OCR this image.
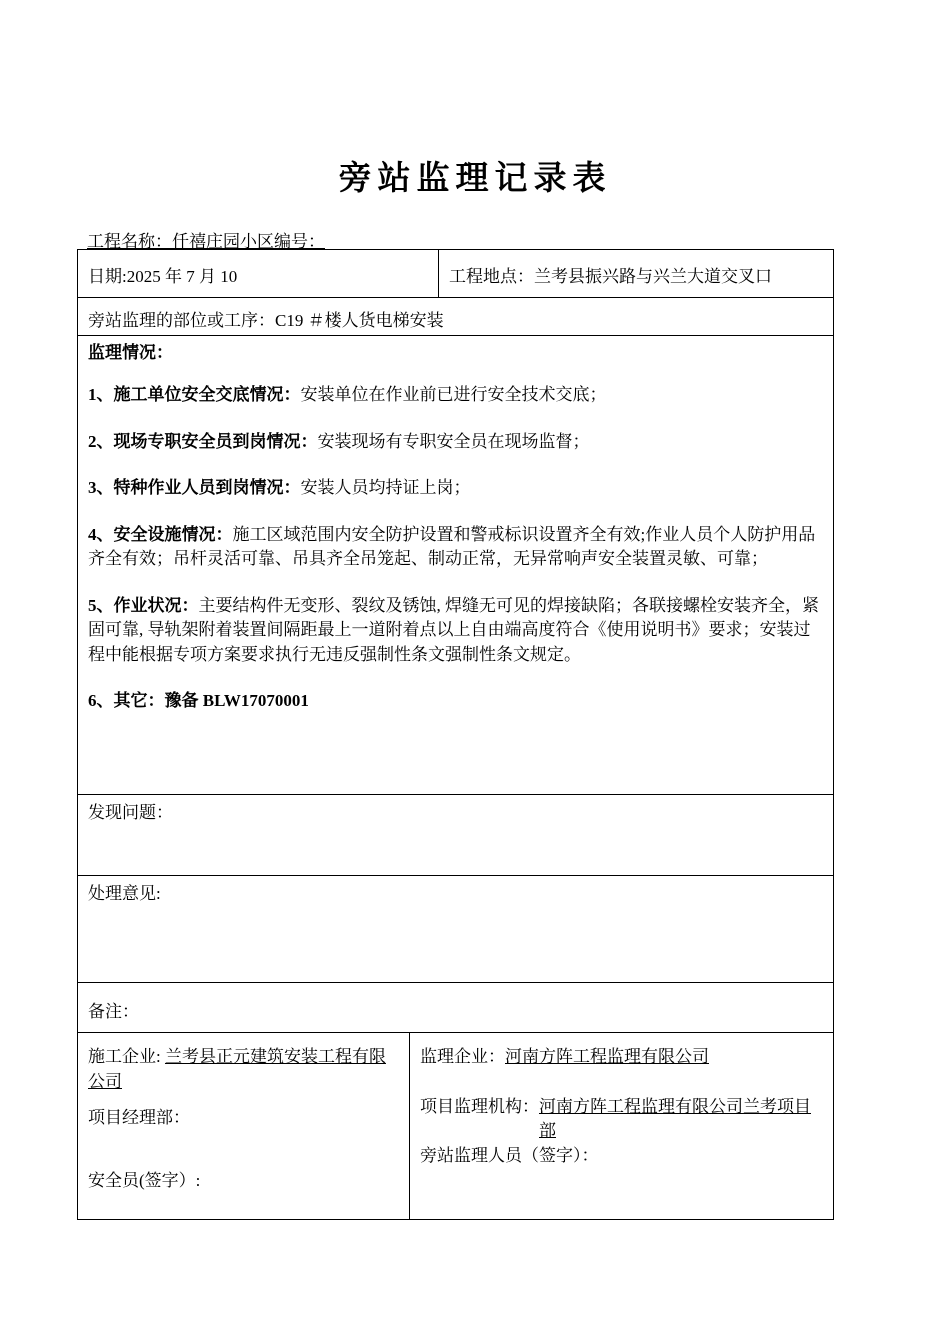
旁站监理记录表
工程名称：仟禧庄园小区编号：
日期:2025 年 7 月 10	工程地点：兰考县振兴路与兴兰大道交叉口
旁站监理的部位或工序：C19 ＃楼人货电梯安装
监理情况：
1、施工单位安全交底情况：安装单位在作业前已进行安全技术交底；
2、现场专职安全员到岗情况：安装现场有专职安全员在现场监督；
3、特种作业人员到岗情况：安装人员均持证上岗；
4、安全设施情况：施工区域范围内安全防护设置和警戒标识设置齐全有效;作业人员个人防护用品齐全有效；吊杆灵活可靠、吊具齐全吊笼起、制动正常，无异常响声安全装置灵敏、可靠；
5、作业状况：主要结构件无变形、裂纹及锈蚀, 焊缝无可见的焊接缺陷；各联接螺栓安装齐全，紧固可靠, 导轨架附着装置间隔距最上一道附着点以上自由端高度符合《使用说明书》要求；安装过程中能根据专项方案要求执行无违反强制性条文强制性条文规定。
6、其它：豫备 BLW17070001
发现问题：
处理意见:
备注：
施工企业: 兰考县正元建筑安装工程有限公司
项目经理部：
安全员(签字）:
监理企业：河南方阵工程监理有限公司
项目监理机构： 河南方阵工程监理有限公司兰考项目部
旁站监理人员（签字）：
